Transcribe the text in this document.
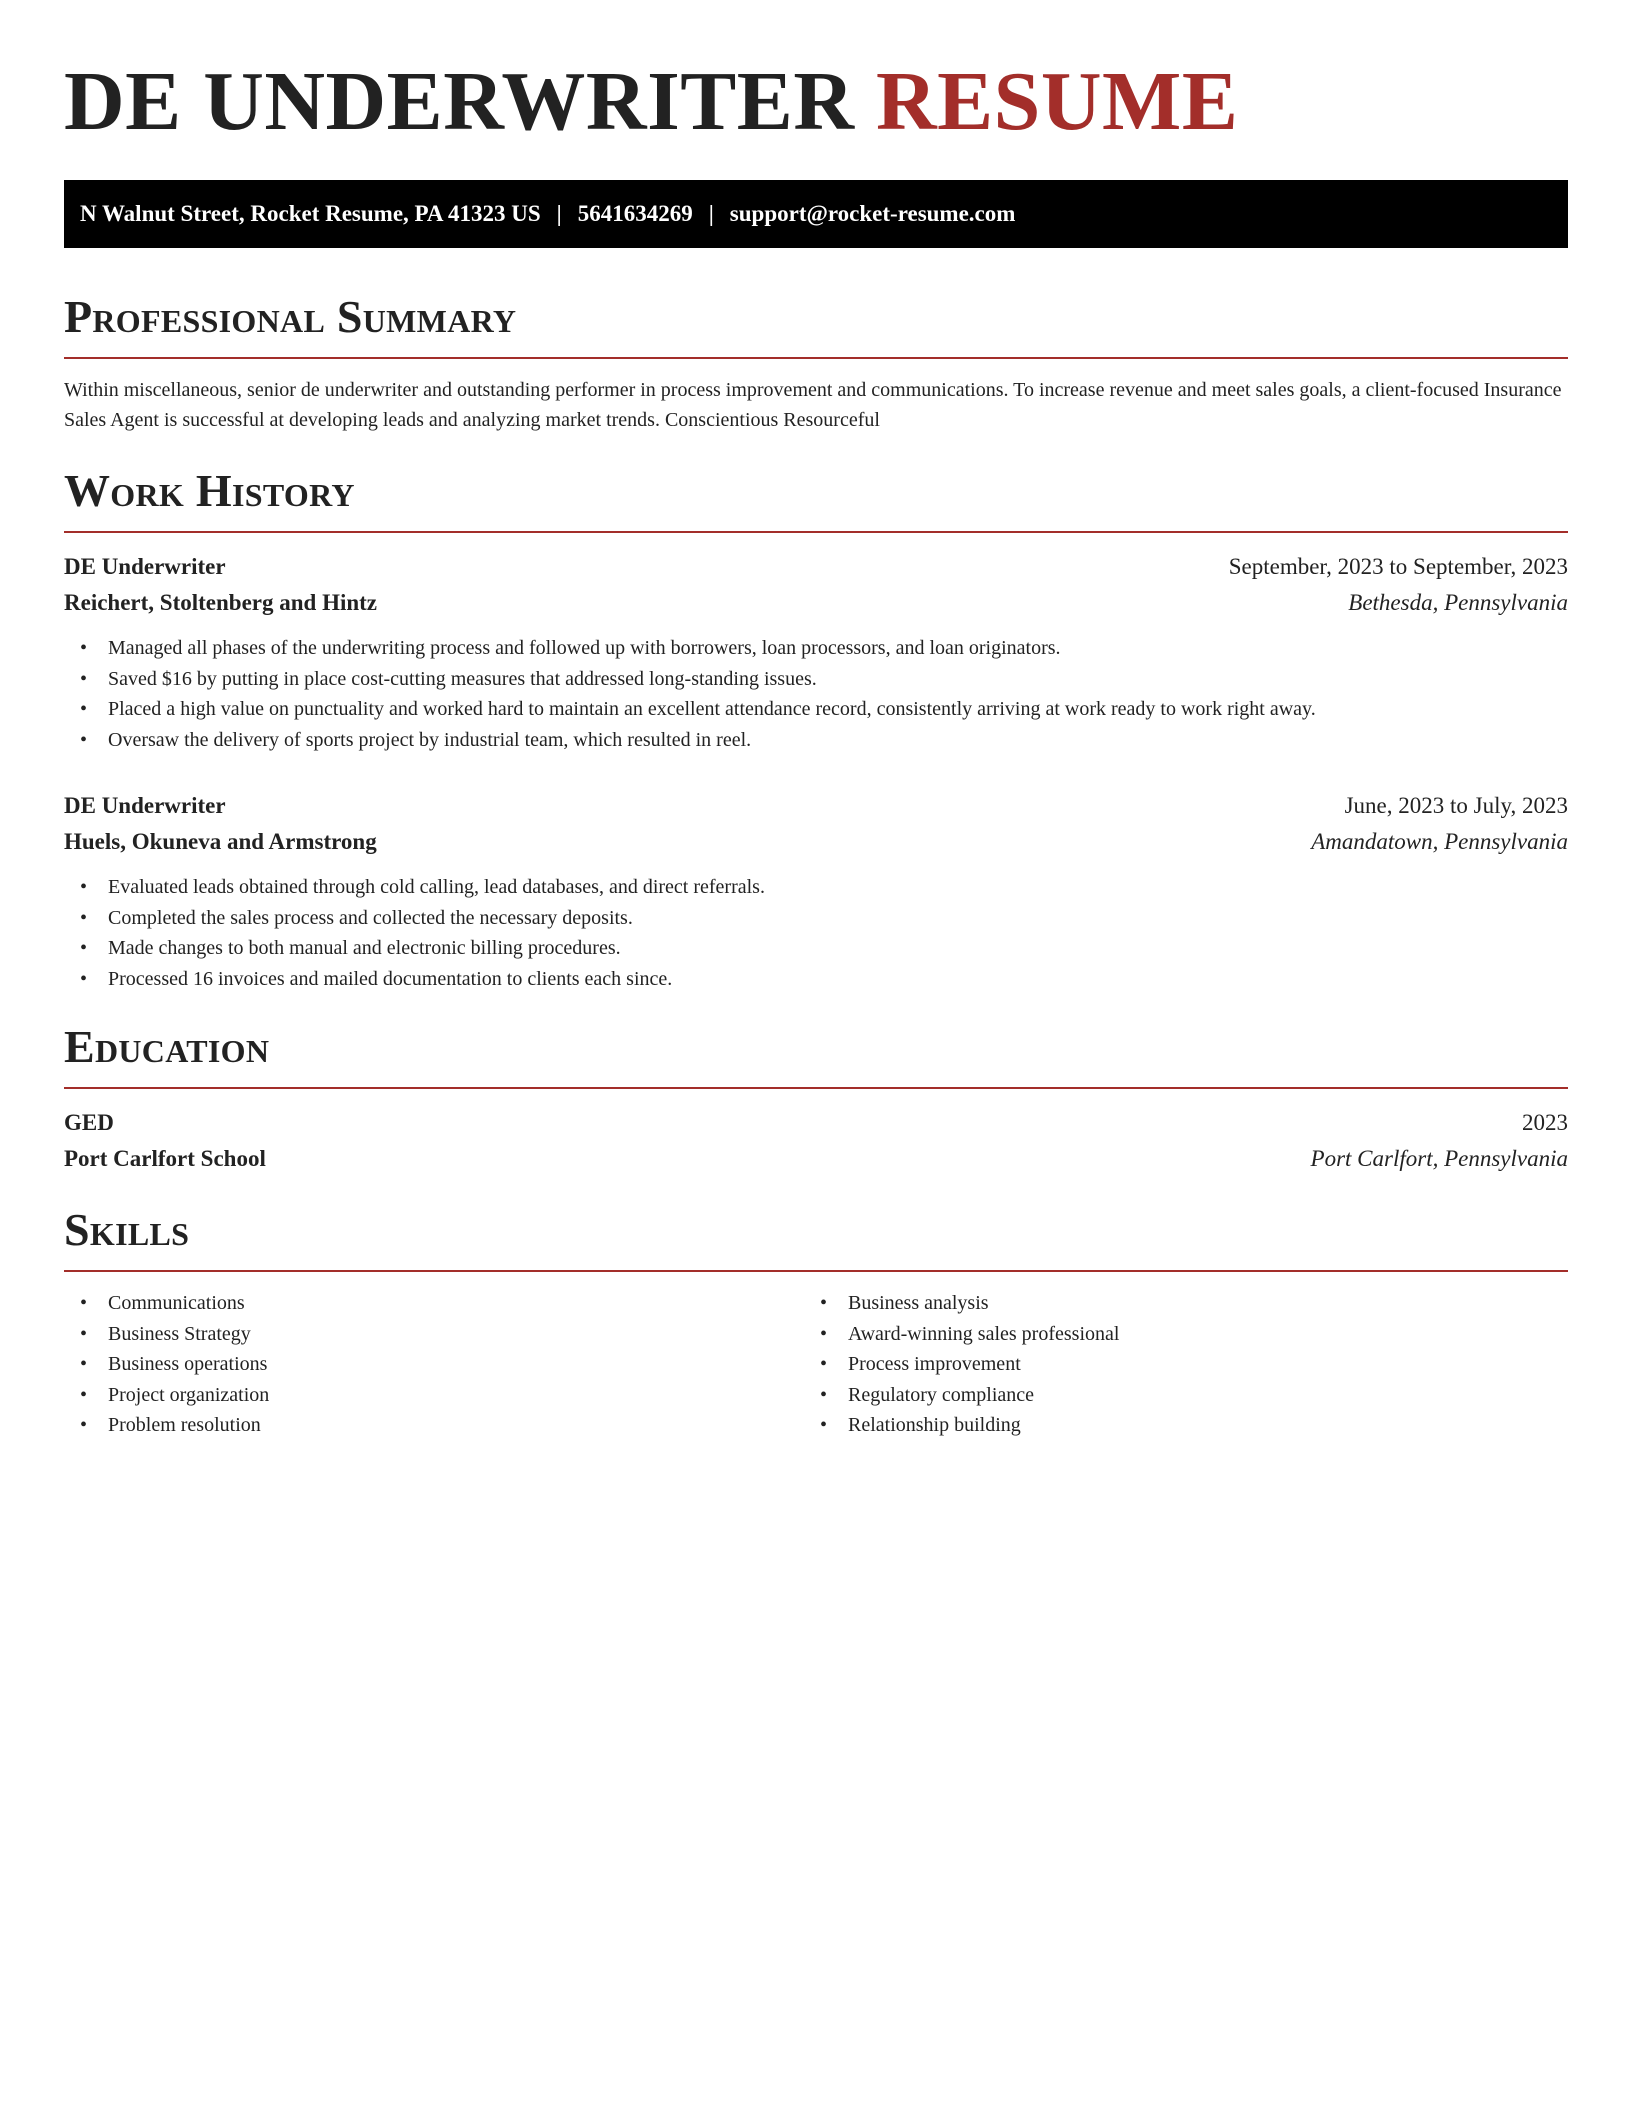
DE UNDERWRITER RESUME
N Walnut Street, Rocket Resume, PA 41323 US | 5641634269 | support@rocket-resume.com
Professional Summary

Within miscellaneous, senior de underwriter and outstanding performer in process improvement and communications. To increase revenue and meet sales goals, a client-focused Insurance Sales Agent is successful at developing leads and analyzing market trends. Conscientious Resourceful

Work History
DE Underwriter	September, 2023 to September, 2023
Reichert, Stoltenberg and Hintz	Bethesda, Pennsylvania
• Managed all phases of the underwriting process and followed up with borrowers, loan processors, and loan originators.
• Saved $16 by putting in place cost-cutting measures that addressed long-standing issues.
• Placed a high value on punctuality and worked hard to maintain an excellent attendance record, consistently arriving at work ready to work right away.
• Oversaw the delivery of sports project by industrial team, which resulted in reel.
DE Underwriter	June, 2023 to July, 2023
Huels, Okuneva and Armstrong	Amandatown, Pennsylvania
• Evaluated leads obtained through cold calling, lead databases, and direct referrals.
• Completed the sales process and collected the necessary deposits.
• Made changes to both manual and electronic billing procedures.
• Processed 16 invoices and mailed documentation to clients each since.
Education
GED	2023
Port Carlfort School	Port Carlfort, Pennsylvania
Skills
• Communications
• Business Strategy
• Business operations
• Project organization
• Problem resolution
• Business analysis
• Award-winning sales professional
• Process improvement
• Regulatory compliance
• Relationship building
